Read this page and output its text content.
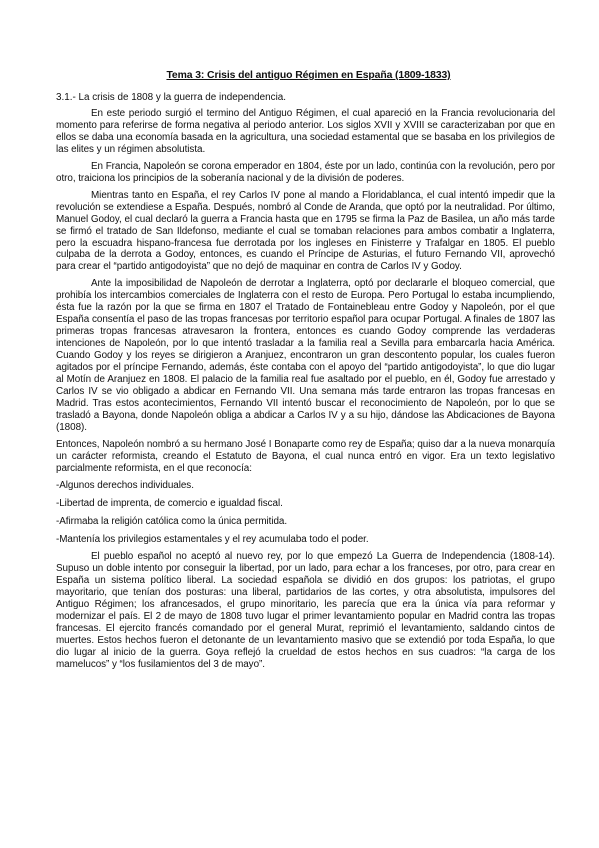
Tema 3: Crisis del antiguo Régimen en España (1809-1833)
3.1.- La crisis de 1808 y la guerra de independencia.

En este periodo surgió el termino del Antiguo Régimen, el cual apareció en la Francia revolucionaria del momento para referirse de forma negativa al periodo anterior. Los siglos XVII y XVIII se caracterizaban por que en ellos se daba una economía basada en la agricultura, una sociedad estamental que se basaba en los privilegios de las elites y un régimen absolutista.

En Francia, Napoleón se corona emperador en 1804, éste por un lado, continúa con la revolución, pero por otro, traiciona los principios de la soberanía nacional y de la división de poderes.

Mientras tanto en España, el rey Carlos IV pone al mando a Floridablanca, el cual intentó impedir que la revolución se extendiese a España. Después, nombró al Conde de Aranda, que optó por la neutralidad. Por último, Manuel Godoy, el cual declaró la guerra a Francia hasta que en 1795 se firma la Paz de Basilea, un año más tarde se firmó el tratado de San Ildefonso, mediante el cual se tomaban relaciones para ambos combatir a Inglaterra, pero la escuadra hispano-francesa fue derrotada por los ingleses en Finisterre y Trafalgar en 1805. El pueblo culpaba de la derrota a Godoy, entonces, es cuando el Príncipe de Asturias, el futuro Fernando VII, aprovechó para crear el “partido antigodoyista” que no dejó de maquinar en contra de Carlos IV y Godoy.

Ante la imposibilidad de Napoleón de derrotar a Inglaterra, optó por declararle el bloqueo comercial, que prohibía los intercambios comerciales de Inglaterra con el resto de Europa. Pero Portugal lo estaba incumpliendo, ésta fue la razón por la que se firma en 1807 el Tratado de Fontainebleau entre Godoy y Napoleón, por el que España consentía el paso de las tropas francesas por territorio español para ocupar Portugal. A finales de 1807 las primeras tropas francesas atravesaron la frontera, entonces es cuando Godoy comprende las verdaderas intenciones de Napoleón, por lo que intentó trasladar a la familia real a Sevilla para embarcarla hacia América. Cuando Godoy y los reyes se dirigieron a Aranjuez, encontraron un gran descontento popular, los cuales fueron agitados por el príncipe Fernando, además, éste contaba con el apoyo del “partido antigodoyista”, lo que dio lugar al Motín de Aranjuez en 1808. El palacio de la familia real fue asaltado por el pueblo, en él, Godoy fue arrestado y Carlos IV se vio obligado a abdicar en Fernando VII. Una semana más tarde entraron las tropas francesas en Madrid. Tras estos acontecimientos, Fernando VII intentó buscar el reconocimiento de Napoleón, por lo que se trasladó a Bayona, donde Napoleón obliga a abdicar a Carlos IV y a su hijo, dándose las Abdicaciones de Bayona (1808).

Entonces, Napoleón nombró a su hermano José I Bonaparte como rey de España; quiso dar a la nueva monarquía un carácter reformista, creando el Estatuto de Bayona, el cual nunca entró en vigor. Era un texto legislativo parcialmente reformista, en el que reconocía:

-Algunos derechos individuales.

-Libertad de imprenta, de comercio e igualdad fiscal.

-Afirmaba la religión católica como la única permitida.

-Mantenía los privilegios estamentales y el rey acumulaba todo el poder.

El pueblo español no aceptó al nuevo rey, por lo que empezó La Guerra de Independencia (1808-14). Supuso un doble intento por conseguir la libertad, por un lado, para echar a los franceses, por otro, para crear en España un sistema político liberal. La sociedad española se dividió en dos grupos: los patriotas, el grupo mayoritario, que tenían dos posturas: una liberal, partidarios de las cortes, y otra absolutista, impulsores del Antiguo Régimen; los afrancesados, el grupo minoritario, les parecía que era la única vía para reformar y modernizar el país. El 2 de mayo de 1808 tuvo lugar el primer levantamiento popular en Madrid contra las tropas francesas. El ejercito francés comandado por el general Murat, reprimió el levantamiento, saldando cintos de muertes. Estos hechos fueron el detonante de un levantamiento masivo que se extendió por toda España, lo que dio lugar al inicio de la guerra. Goya reflejó la crueldad de estos hechos en sus cuadros: “la carga de los mamelucos” y “los fusilamientos del 3 de mayo”.
